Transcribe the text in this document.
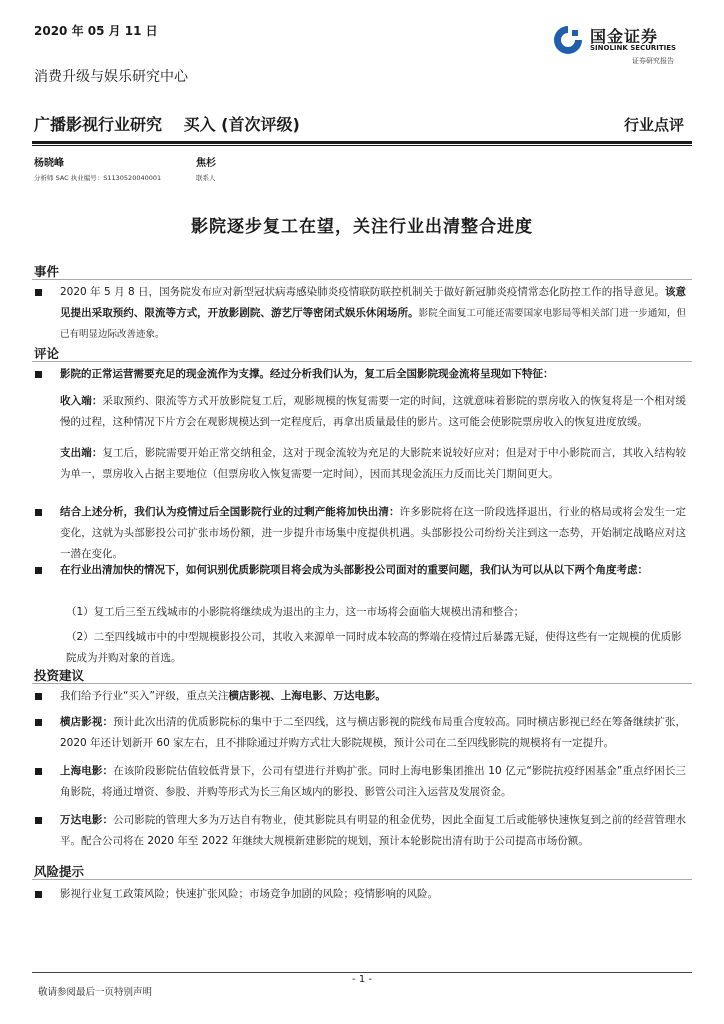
2020 年 05 月 11 日	国金证券
SINOLINK SECURITIES
证券研究报告
消费升级与娱乐研究中心
广播影视行业研究 买入 (首次评级)	行业点评
杨晓峰
分析师 SAC 执业编号：S1130520040001
焦杉
联系人
影院逐步复工在望，关注行业出清整合进度
事件
2020 年 5 月 8 日，国务院发布应对新型冠状病毒感染肺炎疫情联防联控机制关于做好新冠肺炎疫情常态化防控工作的指导意见。该意见提出采取预约、限流等方式，开放影剧院、游艺厅等密闭式娱乐休闲场所。影院全面复工可能还需要国家电影局等相关部门进一步通知，但已有明显边际改善迹象。
评论
影院的正常运营需要充足的现金流作为支撑。经过分析我们认为，复工后全国影院现金流将呈现如下特征：
收入端：采取预约、限流等方式开放影院复工后，观影规模的恢复需要一定的时间，这就意味着影院的票房收入的恢复将是一个相对缓慢的过程，这种情况下片方会在观影规模达到一定程度后，再拿出质量最佳的影片。这可能会使影院票房收入的恢复进度放缓。
支出端：复工后，影院需要开始正常交纳租金，这对于现金流较为充足的大影院来说较好应对；但是对于中小影院而言，其收入结构较为单一，票房收入占据主要地位（但票房收入恢复需要一定时间），因而其现金流压力反而比关门期间更大。
结合上述分析，我们认为疫情过后全国影院行业的过剩产能将加快出清：许多影院将在这一阶段选择退出，行业的格局或将会发生一定变化，这就为头部影投公司扩张市场份额，进一步提升市场集中度提供机遇。头部影投公司纷纷关注到这一态势，开始制定战略应对这一潜在变化。
在行业出清加快的情况下，如何识别优质影院项目将会成为头部影投公司面对的重要问题，我们认为可以从以下两个角度考虑：
（1）复工后三至五线城市的小影院将继续成为退出的主力，这一市场将会面临大规模出清和整合；
（2）二至四线城市中的中型规模影投公司，其收入来源单一同时成本较高的弊端在疫情过后暴露无疑，使得这些有一定规模的优质影院成为并购对象的首选。
投资建议
我们给予行业“买入”评级，重点关注横店影视、上海电影、万达电影。
横店影视：预计此次出清的优质影院标的集中于二至四线，这与横店影视的院线布局重合度较高。同时横店影视已经在筹备继续扩张，2020 年还计划新开 60 家左右，且不排除通过并购方式壮大影院规模，预计公司在二至四线影院的规模将有一定提升。
上海电影：在该阶段影院估值较低背景下，公司有望进行并购扩张。同时上海电影集团推出 10 亿元“影院抗疫纾困基金”重点纾困长三角影院，将通过增资、参股、并购等形式为长三角区域内的影投、影管公司注入运营及发展资金。
万达电影：公司影院的管理大多为万达自有物业，使其影院具有明显的租金优势，因此全面复工后或能够快速恢复到之前的经营管理水平。配合公司将在 2020 年至 2022 年继续大规模新建影院的规划，预计本轮影院出清有助于公司提高市场份额。
风险提示
影视行业复工政策风险；快速扩张风险；市场竞争加剧的风险；疫情影响的风险。
- 1 -
敬请参阅最后一页特别声明
